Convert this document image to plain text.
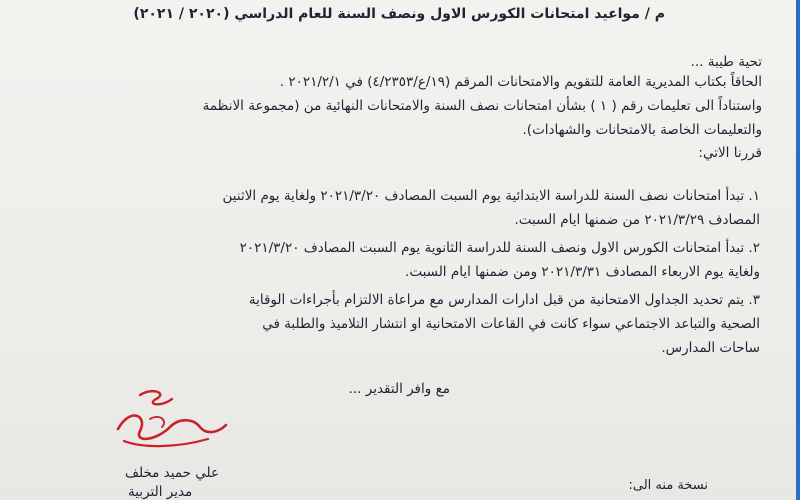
م / مواعيد امتحانات الكورس الاول ونصف السنة للعام الدراسي (٢٠٢٠ / ٢٠٢١)
تحية طيبة ...
الحاقاً بكتاب المديرية العامة للتقويم والامتحانات المرقم (١٩/ع/٤/٢٣٥٣) في ٢٠٢١/٢/١ .
واستناداً الى تعليمات رقم ( ١ ) بشأن امتحانات نصف السنة والامتحانات النهائية من (مجموعة الانظمة
والتعليمات الخاصة بالامتحانات والشهادات).
قررنا الاتي:
١. تبدأ امتحانات نصف السنة للدراسة الابتدائية يوم السبت المصادف ٢٠٢١/٣/٢٠ ولغاية يوم الاثنين
المصادف ٢٠٢١/٣/٢٩ من ضمنها ايام السبت.
٢. تبدأ امتحانات الكورس الاول ونصف السنة للدراسة الثانوية يوم السبت المصادف ٢٠٢١/٣/٢٠
ولغاية يوم الاربعاء المصادف ٢٠٢١/٣/٣١ ومن ضمنها ايام السبت.
٣. يتم تحديد الجداول الامتحانية من قبل ادارات المدارس مع مراعاة الالتزام بأجراءات الوقاية
الصحية والتباعد الاجتماعي سواء كانت في القاعات الامتحانية او انتشار التلاميذ والطلبة في
ساحات المدارس.
مع وافر التقدير ...
علي حميد مخلف
مدير التربية	نسخة منه الى:
